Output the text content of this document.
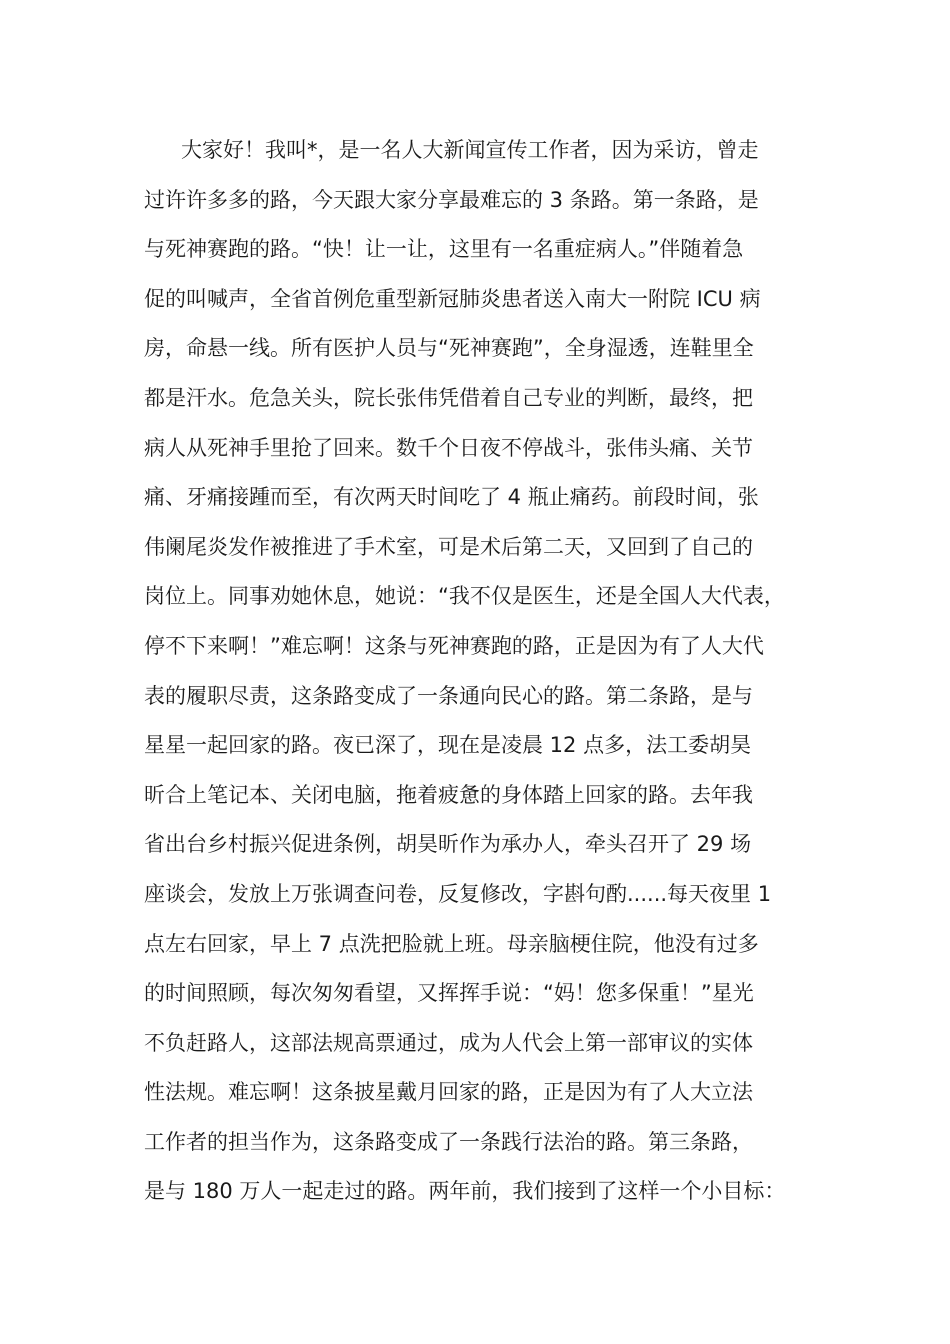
大家好！我叫*，是一名人大新闻宣传工作者，因为采访，曾走
过许许多多的路，今天跟大家分享最难忘的 3 条路。第一条路，是
与死神赛跑的路。“快！让一让，这里有一名重症病人。”伴随着急
促的叫喊声，全省首例危重型新冠肺炎患者送入南大一附院 ICU 病
房，命悬一线。所有医护人员与“死神赛跑”，全身湿透，连鞋里全
都是汗水。危急关头，院长张伟凭借着自己专业的判断，最终，把
病人从死神手里抢了回来。数千个日夜不停战斗，张伟头痛、关节
痛、牙痛接踵而至，有次两天时间吃了 4 瓶止痛药。前段时间，张
伟阑尾炎发作被推进了手术室，可是术后第二天，又回到了自己的
岗位上。同事劝她休息，她说：“我不仅是医生，还是全国人大代表，
停不下来啊！”难忘啊！这条与死神赛跑的路，正是因为有了人大代
表的履职尽责，这条路变成了一条通向民心的路。第二条路，是与
星星一起回家的路。夜已深了，现在是凌晨 12 点多，法工委胡昊
昕合上笔记本、关闭电脑，拖着疲惫的身体踏上回家的路。去年我
省出台乡村振兴促进条例，胡昊昕作为承办人，牵头召开了 29 场
座谈会，发放上万张调查问卷，反复修改，字斟句酌......每天夜里 1
点左右回家，早上 7 点洗把脸就上班。母亲脑梗住院，他没有过多
的时间照顾，每次匆匆看望，又挥挥手说：“妈！您多保重！”星光
不负赶路人，这部法规高票通过，成为人代会上第一部审议的实体
性法规。难忘啊！这条披星戴月回家的路，正是因为有了人大立法
工作者的担当作为，这条路变成了一条践行法治的路。第三条路，
是与 180 万人一起走过的路。两年前，我们接到了这样一个小目标：
